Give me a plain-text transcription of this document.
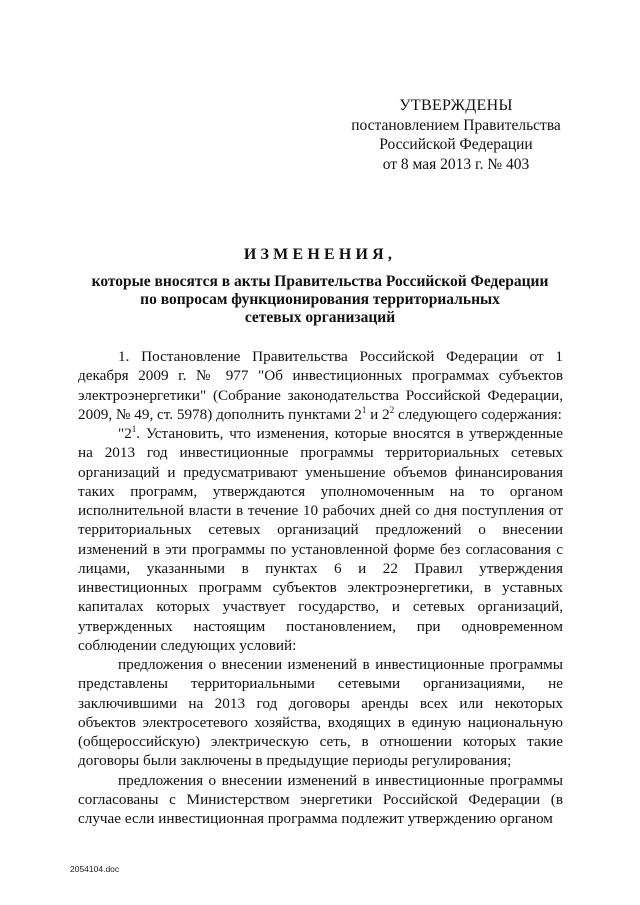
УТВЕРЖДЕНЫ
постановлением Правительства
Российской Федерации
от 8 мая 2013 г. № 403
ИЗМЕНЕНИЯ,
которые вносятся в акты Правительства Российской Федерации
по вопросам функционирования территориальных
сетевых организаций

1. Постановление Правительства Российской Федерации от 1 декабря 2009 г. № 977 "Об инвестиционных программах субъектов электроэнергетики" (Собрание законодательства Российской Федерации, 2009, № 49, ст. 5978) дополнить пунктами $2^1$ и $2^2$ следующего содержания:

"$2^1$. Установить, что изменения, которые вносятся в утвержденные на 2013 год инвестиционные программы территориальных сетевых организаций и предусматривают уменьшение объемов финансирования таких программ, утверждаются уполномоченным на то органом исполнительной власти в течение 10 рабочих дней со дня поступления от территориальных сетевых организаций предложений о внесении изменений в эти программы по установленной форме без согласования с лицами, указанными в пунктах 6 и 22 Правил утверждения инвестиционных программ субъектов электроэнергетики, в уставных капиталах которых участвует государство, и сетевых организаций, утвержденных настоящим постановлением, при одновременном соблюдении следующих условий:

предложения о внесении изменений в инвестиционные программы представлены территориальными сетевыми организациями, не заключившими на 2013 год договоры аренды всех или некоторых объектов электросетевого хозяйства, входящих в единую национальную (общероссийскую) электрическую сеть, в отношении которых такие договоры были заключены в предыдущие периоды регулирования;

предложения о внесении изменений в инвестиционные программы согласованы с Министерством энергетики Российской Федерации (в случае если инвестиционная программа подлежит утверждению органом

2054104.doc
